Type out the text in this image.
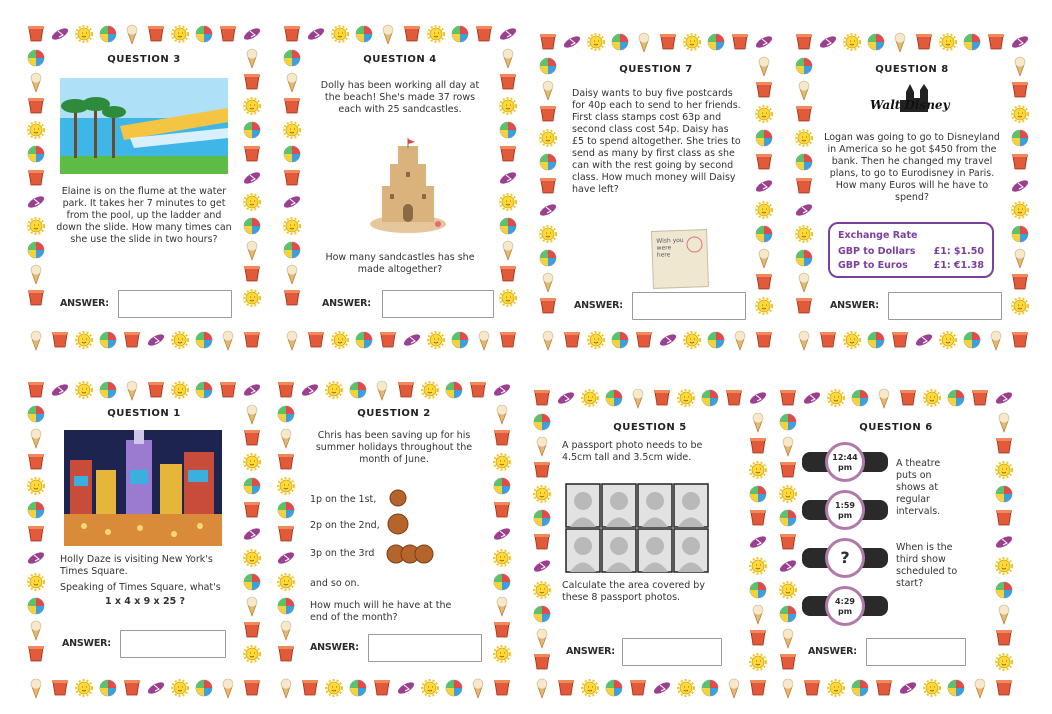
QUESTION 3
Elaine is on the flume at the water park. It takes her 7 minutes to get from the pool, up the ladder and down the slide. How many times can she use the slide in two hours?
ANSWER:
QUESTION 4
Dolly has been working all day at the beach! She's made 37 rows each with 25 sandcastles.
How many sandcastles has she made altogether?
ANSWER:
QUESTION 7
Daisy wants to buy five postcards for 40p each to send to her friends. First class stamps cost 63p and second class cost 54p. Daisy has £5 to spend altogether. She tries to send as many by first class as she can with the rest going by second class. How much money will Daisy have left?
Wish you were here
ANSWER:
QUESTION 8
Walt Disney
Logan was going to go to Disneyland in America so he got $450 from the bank. Then he changed my travel plans, to go to Eurodisney in Paris. How many Euros will he have to spend?
Exchange Rate
GBP to Dollars £1: $1.50
GBP to Euros	£1: €1.38
ANSWER:
QUESTION 1
Holly Daze is visiting New York's Times Square.
Speaking of Times Square, what's
1 x 4 x 9 x 25 ?
ANSWER:
QUESTION 2
Chris has been saving up for his summer holidays throughout the month of June.
1p on the 1st,
2p on the 2nd,
3p on the 3rd
and so on.
How much will he have at the end of the month?
ANSWER:
QUESTION 5
A passport photo needs to be 4.5cm tall and 3.5cm wide.
Calculate the area covered by these 8 passport photos.
ANSWER:
QUESTION 6
12:44
pm
1:59
pm
?
4:29
pm
A theatre puts on shows at regular intervals.
When is the third show scheduled to start?
ANSWER:
